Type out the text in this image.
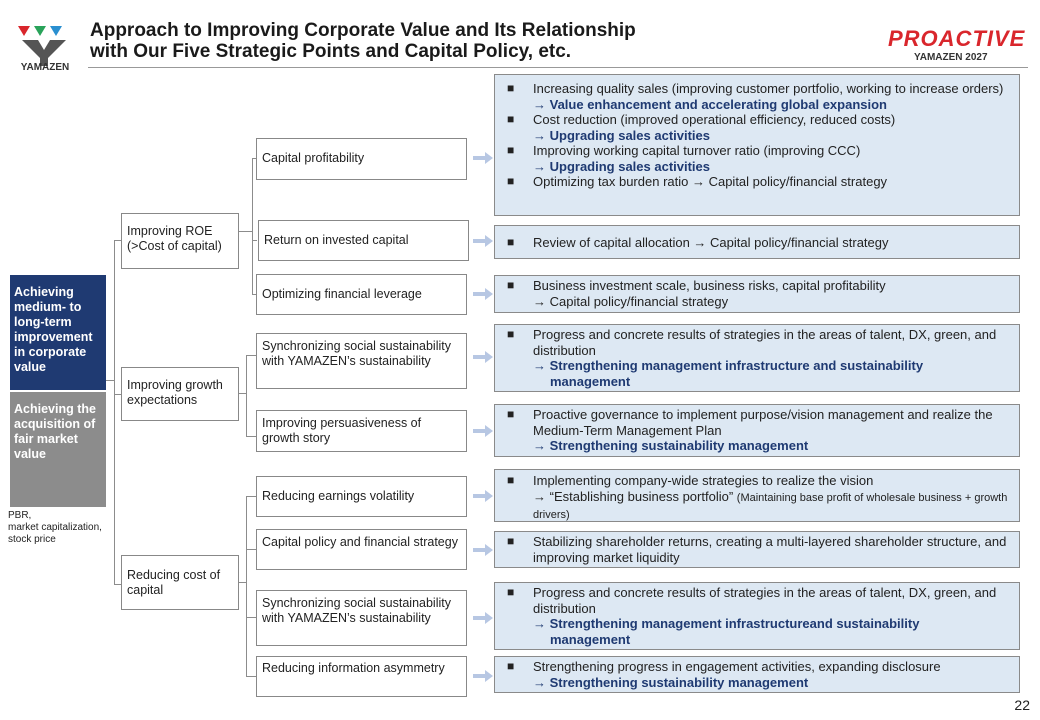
YAMAZEN
Approach to Improving Corporate Value and Its Relationship
with Our Five Strategic Points and Capital Policy, etc.
PROACTIVE
YAMAZEN 2027
Achieving medium- to long-term improvement in corporate value
Achieving the acquisition of fair market value
PBR,
market capitalization,
stock price
Improving ROE (>Cost of capital)
Improving growth expectations
Reducing cost of capital
Capital profitability
Return on invested capital
Optimizing financial leverage
Synchronizing social sustainability with YAMAZEN’s sustainability
Improving persuasiveness of growth story
Reducing earnings volatility
Capital policy and financial strategy
Synchronizing social sustainability with YAMAZEN’s sustainability
Reducing information asymmetry
■	Increasing quality sales (improving customer portfolio, working to increase orders)
→ Value enhancement and accelerating global expansion
■	Cost reduction (improved operational efficiency, reduced costs)
→ Upgrading sales activities
■	Improving working capital turnover ratio (improving CCC)
→ Upgrading sales activities
■	Optimizing tax burden ratio → Capital policy/financial strategy
■	Review of capital allocation → Capital policy/financial strategy
■	Business investment scale, business risks, capital profitability
→ Capital policy/financial strategy
■	Progress and concrete results of strategies in the areas of talent, DX, green, and distribution
→ Strengthening management infrastructure and sustainability
management
■	Proactive governance to implement purpose/vision management and realize the Medium-Term Management Plan
→ Strengthening sustainability management
■	Implementing company-wide strategies to realize the vision
→ “Establishing business portfolio” (Maintaining base profit of wholesale business + growth drivers)
■	Stabilizing shareholder returns, creating a multi-layered shareholder structure, and improving market liquidity
■	Progress and concrete results of strategies in the areas of talent, DX, green, and distribution
→ Strengthening management infrastructureand sustainability
management
■	Strengthening progress in engagement activities, expanding disclosure
→ Strengthening sustainability management
22
